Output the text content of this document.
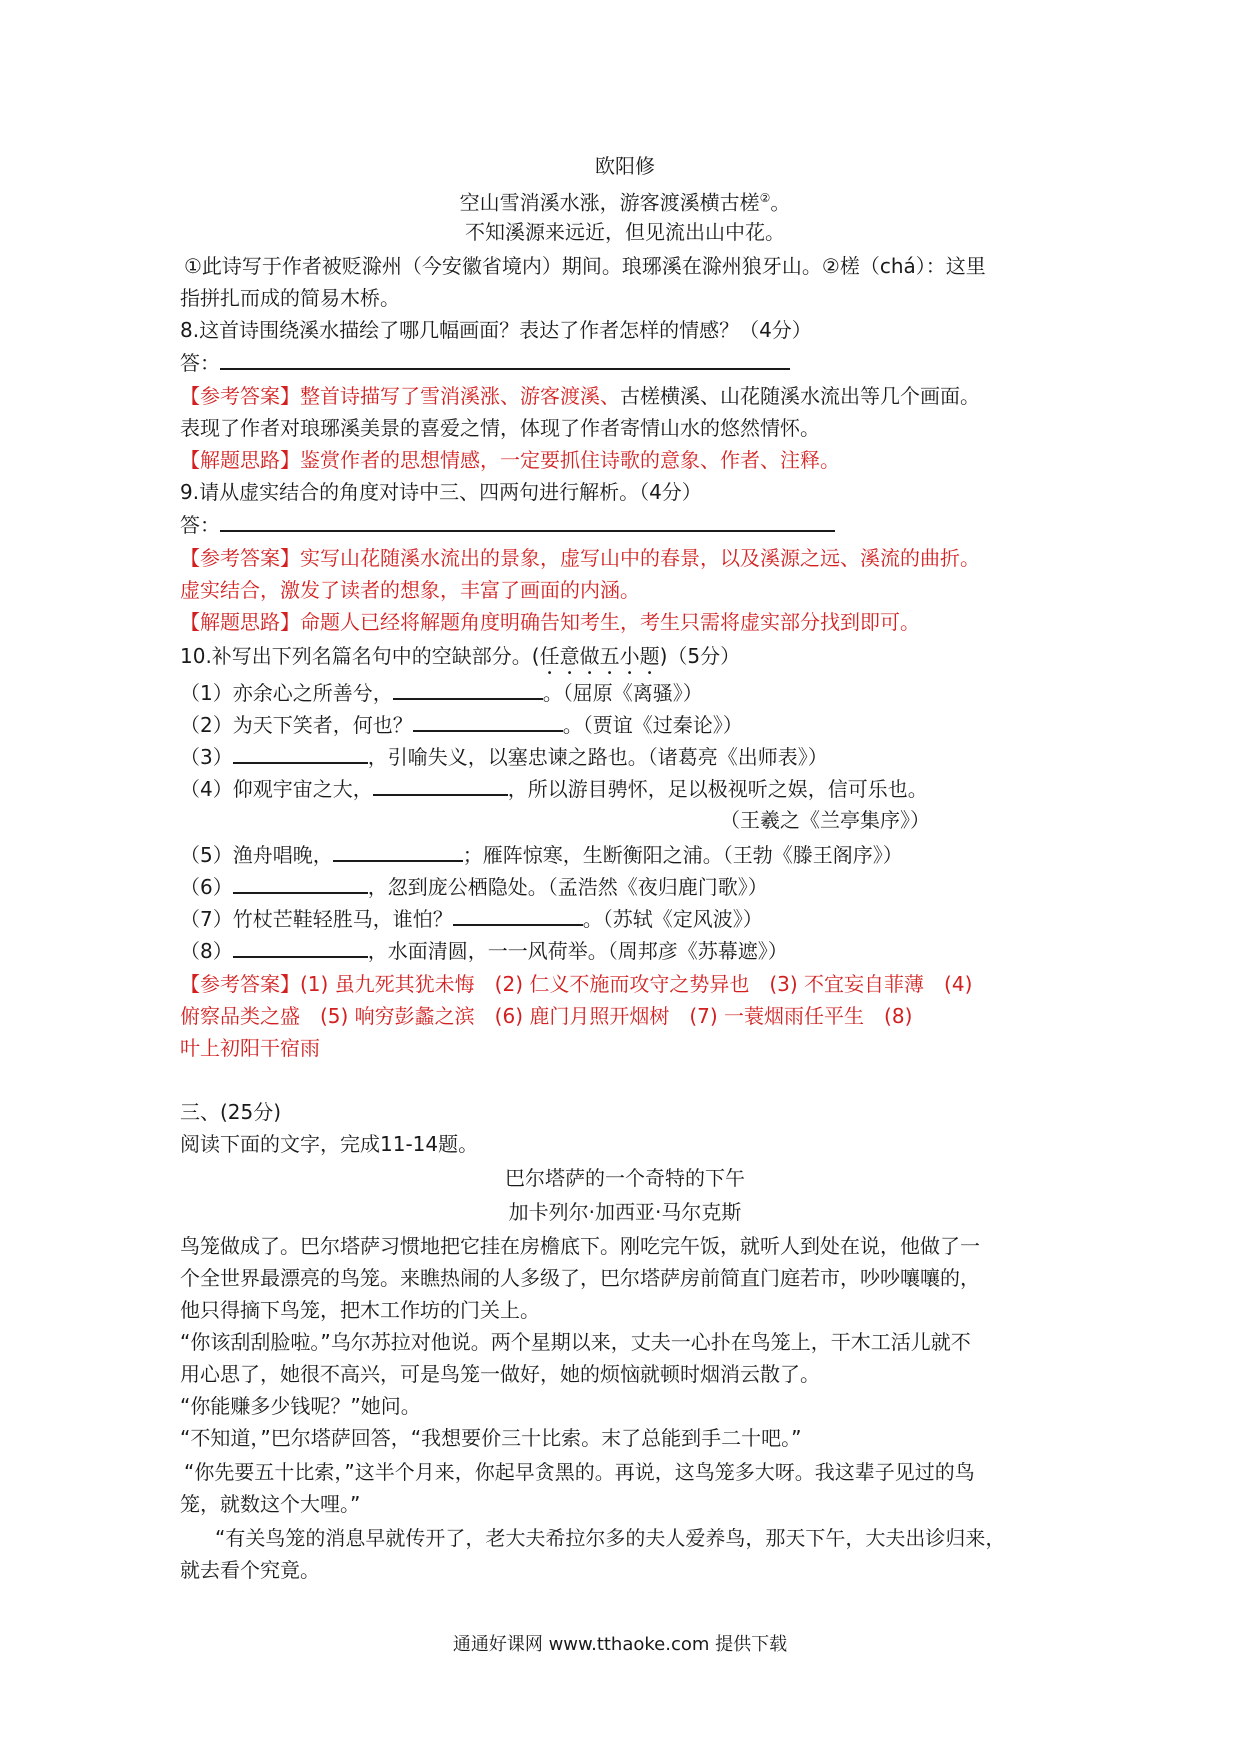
欧阳修
空山雪消溪水涨，游客渡溪横古槎②。
不知溪源来远近，但见流出山中花。
①此诗写于作者被贬滁州（今安徽省境内）期间。琅琊溪在滁州狼牙山。②槎（chá）：这里
指拼扎而成的简易木桥。
8.这首诗围绕溪水描绘了哪几幅画面？表达了作者怎样的情感？（4分）
答：
【参考答案】整首诗描写了雪消溪涨、游客渡溪、古槎横溪、山花随溪水流出等几个画面。
表现了作者对琅琊溪美景的喜爱之情，体现了作者寄情山水的悠然情怀。
【解题思路】鉴赏作者的思想情感，一定要抓住诗歌的意象、作者、注释。
9.请从虚实结合的角度对诗中三、四两句进行解析。（4分）
答：
【参考答案】实写山花随溪水流出的景象，虚写山中的春景，以及溪源之远、溪流的曲折。
虚实结合，激发了读者的想象，丰富了画面的内涵。
【解题思路】命题人已经将解题角度明确告知考生，考生只需将虚实部分找到即可。
10.补写出下列名篇名句中的空缺部分。(任意做五小题)（5分）
（1）亦余心之所善兮，	。（屈原《离骚》）
（2）为天下笑者，何也？	。（贾谊《过秦论》）
（3）	，引喻失义，以塞忠谏之路也。（诸葛亮《出师表》）
（4）仰观宇宙之大，	，所以游目骋怀，足以极视听之娱，信可乐也。
（王羲之《兰亭集序》）
（5）渔舟唱晚，	；雁阵惊寒，生断衡阳之浦。（王勃《滕王阁序》）
（6）	，忽到庞公栖隐处。（孟浩然《夜归鹿门歌》）
（7）竹杖芒鞋轻胜马，谁怕？	。（苏轼《定风波》）
（8）	，水面清圆，一一风荷举。（周邦彦《苏幕遮》）
【参考答案】(1) 虽九死其犹未悔　(2) 仁义不施而攻守之势异也　(3) 不宜妄自菲薄　(4)
俯察品类之盛　(5) 响穷彭蠡之滨　(6) 鹿门月照开烟树　(7) 一蓑烟雨任平生　(8)
叶上初阳干宿雨
三、(25分)
阅读下面的文字，完成11-14题。
巴尔塔萨的一个奇特的下午
加卡列尔·加西亚·马尔克斯
鸟笼做成了。巴尔塔萨习惯地把它挂在房檐底下。刚吃完午饭，就听人到处在说，他做了一
个全世界最漂亮的鸟笼。来瞧热闹的人多级了，巴尔塔萨房前简直门庭若市，吵吵嚷嚷的，
他只得摘下鸟笼，把木工作坊的门关上。
“你该刮刮脸啦。”乌尔苏拉对他说。两个星期以来，丈夫一心扑在鸟笼上，干木工活儿就不
用心思了，她很不高兴，可是鸟笼一做好，她的烦恼就顿时烟消云散了。
“你能赚多少钱呢？”她问。
“不知道，”巴尔塔萨回答，“我想要价三十比索。末了总能到手二十吧。”
“你先要五十比索，”这半个月来，你起早贪黑的。再说，这鸟笼多大呀。我这辈子见过的鸟
笼，就数这个大哩。”
“有关鸟笼的消息早就传开了，老大夫希拉尔多的夫人爱养鸟，那天下午，大夫出诊归来，
就去看个究竟。
通通好课网 www.tthaoke.com 提供下载
